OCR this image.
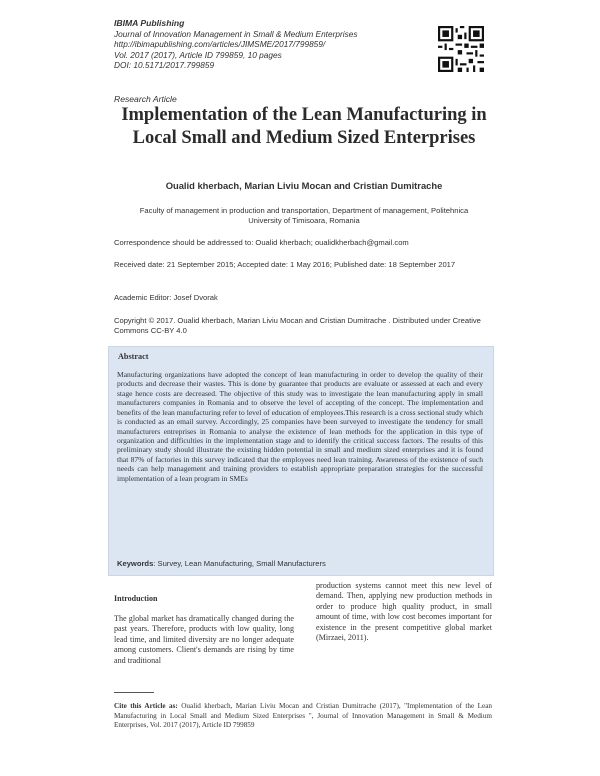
IBIMA Publishing
Journal of Innovation Management in Small & Medium Enterprises
http://ibimapublishing.com/articles/JIMSME/2017/799859/
Vol. 2017 (2017), Article ID 799859, 10 pages
DOI: 10.5171/2017.799859
Research Article
Implementation of the Lean Manufacturing in Local Small and Medium Sized Enterprises
Oualid kherbach, Marian Liviu Mocan and Cristian Dumitrache
Faculty of management in production and transportation, Department of management, Politehnica University of Timisoara, Romania
Correspondence should be addressed to: Oualid kherbach; oualidkherbach@gmail.com
Received date: 21 September 2015; Accepted date: 1 May 2016; Published date: 18 September 2017
Academic Editor: Josef Dvorak
Copyright © 2017. Oualid kherbach, Marian Liviu Mocan and Cristian Dumitrache . Distributed under Creative Commons CC-BY 4.0
Abstract
Manufacturing organizations have adopted the concept of lean manufacturing in order to develop the quality of their products and decrease their wastes. This is done by guarantee that products are evaluate or assessed at each and every stage hence costs are decreased. The objective of this study was to investigate the lean manufacturing apply in small manufacturers companies in Romania and to observe the level of accepting of the concept. The implementation and benefits of the lean manufacturing refer to level of education of employees.This research is a cross sectional study which is conducted as an email survey. Accordingly, 25 companies have been surveyed to investigate the tendency for small manufacturers entreprises in Romania to analyse the existence of lean methods for the application in this type of organization and difficulties in the implementation stage and to identify the critical success factors. The results of this preliminary study should illustrate the existing hidden potential in small and medium sized enterprises and it is found that 87% of factories in this survey indicated that the employees need lean training. Awareness of the existence of such needs can help management and training providers to establish appropriate preparation strategies for the successful implementation of a lean program in SMEs
Keywords: Survey, Lean Manufacturing, Small Manufacturers
Introduction
The global market has dramatically changed during the past years. Therefore, products with low quality, long lead time, and limited diversity are no longer adequate among customers. Client's demands are rising by time and traditional
production systems cannot meet this new level of demand. Then, applying new production methods in order to produce high quality product, in small amount of time, with low cost becomes important for existence in the present competitive global market (Mirzaei, 2011).
Cite this Article as: Oualid kherbach, Marian Liviu Mocan and Cristian Dumitrache (2017), "Implementation of the Lean Manufacturing in Local Small and Medium Sized Enterprises ", Journal of Innovation Management in Small & Medium Enterprises, Vol. 2017 (2017), Article ID 799859
